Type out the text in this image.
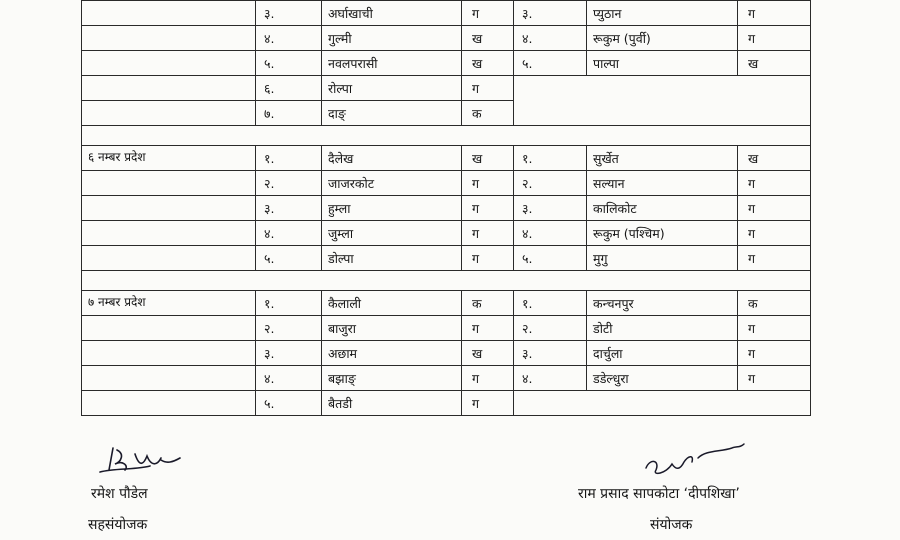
	३.	अर्घाखाची	ग	३.	प्युठान	ग
	४.	गुल्मी	ख	४.	रूकुम (पुर्वी)	ग
	५.	नवलपरासी	ख	५.	पाल्पा	ख
	६.	रोल्पा	ग			
	७.	दाङ्	क			

६ नम्बर प्रदेश	१.	दैलेख	ख	१.	सुर्खेत	ख
	२.	जाजरकोट	ग	२.	सल्यान	ग
	३.	हुम्ला	ग	३.	कालिकोट	ग
	४.	जुम्ला	ग	४.	रूकुम (पश्चिम)	ग
	५.	डोल्पा	ग	५.	मुगु	ग

७ नम्बर प्रदेश	१.	कैलाली	क	१.	कन्चनपुर	क
	२.	बाजुरा	ग	२.	डोटी	ग
	३.	अछाम	ख	३.	दार्चुला	ग
	४.	बझाङ्	ग	४.	डडेल्धुरा	ग
	५.	बैतडी	ग			
रमेश पौडेल
सहसंयोजक
राम प्रसाद सापकोटा ‘दीपशिखा’
संयोजक
